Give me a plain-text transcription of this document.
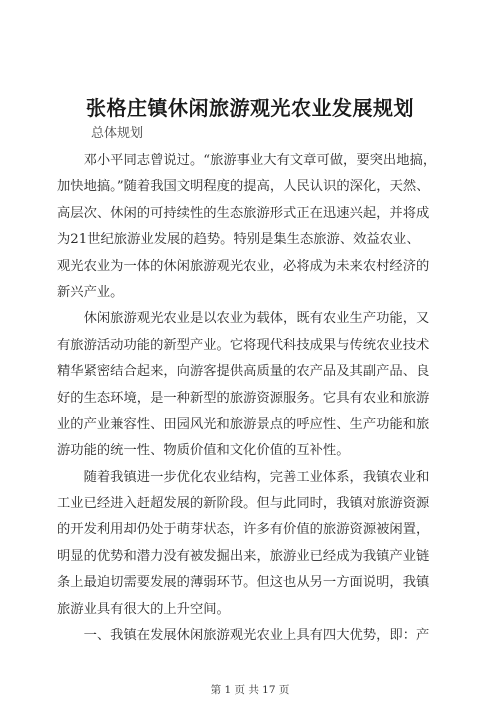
张格庄镇休闲旅游观光农业发展规划
总体规划
　　邓小平同志曾说过。“旅游事业大有文章可做，要突出地搞，
加快地搞。”随着我国文明程度的提高，人民认识的深化，天然、
高层次、休闲的可持续性的生态旅游形式正在迅速兴起，并将成
为21世纪旅游业发展的趋势。特别是集生态旅游、效益农业、
观光农业为一体的休闲旅游观光农业，必将成为未来农村经济的
新兴产业。
　　休闲旅游观光农业是以农业为载体，既有农业生产功能，又
有旅游活动功能的新型产业。它将现代科技成果与传统农业技术
精华紧密结合起来，向游客提供高质量的农产品及其副产品、良
好的生态环境，是一种新型的旅游资源服务。它具有农业和旅游
业的产业兼容性、田园风光和旅游景点的呼应性、生产功能和旅
游功能的统一性、物质价值和文化价值的互补性。
　　随着我镇进一步优化农业结构，完善工业体系，我镇农业和
工业已经进入赶超发展的新阶段。但与此同时，我镇对旅游资源
的开发利用却仍处于萌芽状态，许多有价值的旅游资源被闲置，
明显的优势和潜力没有被发掘出来，旅游业已经成为我镇产业链
条上最迫切需要发展的薄弱环节。但这也从另一方面说明，我镇
旅游业具有很大的上升空间。
　　一、我镇在发展休闲旅游观光农业上具有四大优势，即：产
第 1 页 共 17 页
